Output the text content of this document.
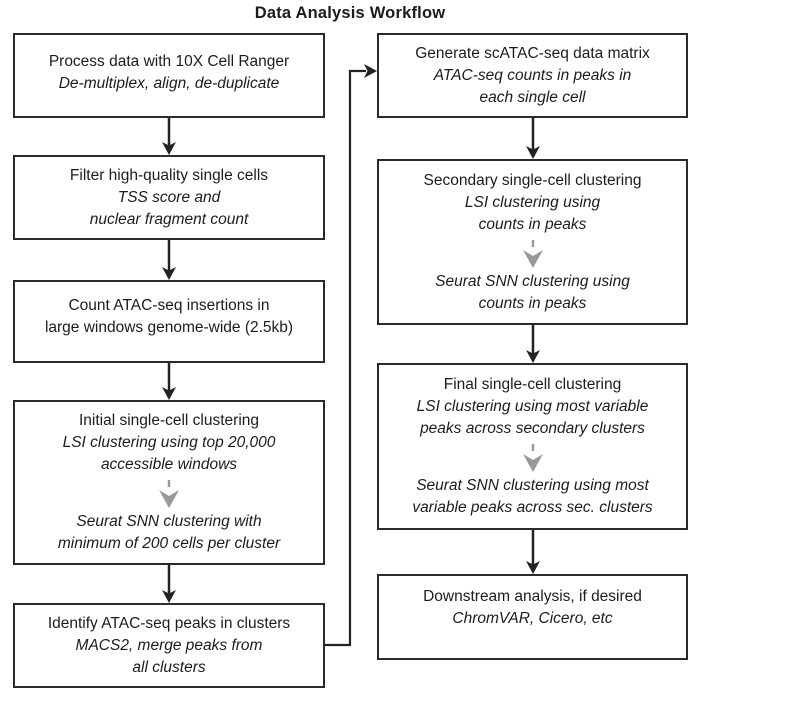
Data Analysis Workflow
Process data with 10X Cell Ranger
De-multiplex, align, de-duplicate
Filter high-quality single cells
TSS score and
nuclear fragment count
Count ATAC-seq insertions in
large windows genome-wide (2.5kb)
Initial single-cell clustering
LSI clustering using top 20,000
accessible windows
Seurat SNN clustering with
minimum of 200 cells per cluster
Identify ATAC-seq peaks in clusters
MACS2, merge peaks from
all clusters
Generate scATAC-seq data matrix
ATAC-seq counts in peaks in
each single cell
Secondary single-cell clustering
LSI clustering using
counts in peaks
Seurat SNN clustering using
counts in peaks
Final single-cell clustering
LSI clustering using most variable
peaks across secondary clusters
Seurat SNN clustering using most
variable peaks across sec. clusters
Downstream analysis, if desired
ChromVAR, Cicero, etc
